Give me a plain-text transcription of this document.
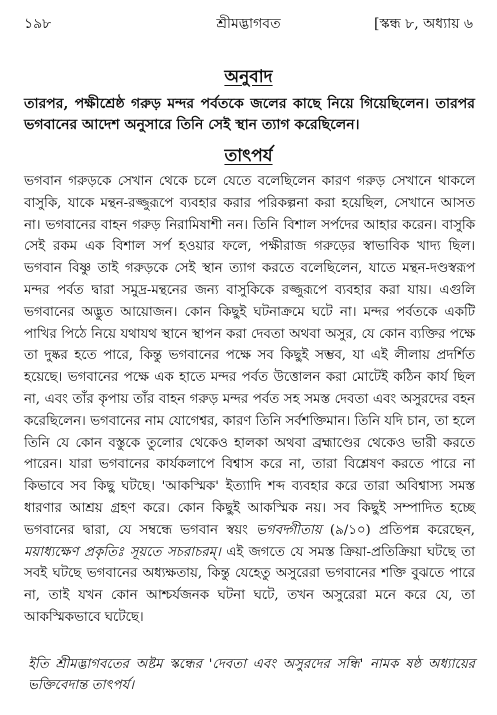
১৯৮	শ্রীমদ্ভাগবত	[স্কন্ধ ৮, অধ্যায় ৬
অনুবাদ
তারপর, পক্ষীশ্রেষ্ঠ গরুড় মন্দর পর্বতকে জলের কাছে নিয়ে গিয়েছিলেন। তারপর ভগবানের আদেশ অনুসারে তিনি সেই স্থান ত্যাগ করেছিলেন।
তাৎপর্য
ভগবান গরুড়কে সেখান থেকে চলে যেতে বলেছিলেন কারণ গরুড় সেখানে থাকলে বাসুকি, যাকে মন্থন-রজ্জুরূপে ব্যবহার করার পরিকল্পনা করা হয়েছিল, সেখানে আসত না। ভগবানের বাহন গরুড় নিরামিষাশী নন। তিনি বিশাল সর্পদের আহার করেন। বাসুকি সেই রকম এক বিশাল সর্প হওয়ার ফলে, পক্ষীরাজ গরুড়ের স্বাভাবিক খাদ্য ছিল। ভগবান বিষ্ণু তাই গরুড়কে সেই স্থান ত্যাগ করতে বলেছিলেন, যাতে মন্থন-দণ্ডস্বরূপ মন্দর পর্বত দ্বারা সমুদ্র-মন্থনের জন্য বাসুকিকে রজ্জুরূপে ব্যবহার করা যায়। এগুলি ভগবানের অদ্ভুত আয়োজন। কোন কিছুই ঘটনাক্রমে ঘটে না। মন্দর পর্বতকে একটি পাখির পিঠে নিয়ে যথাযথ স্থানে স্থাপন করা দেবতা অথবা অসুর, যে কোন ব্যক্তির পক্ষে তা দুষ্কর হতে পারে, কিন্তু ভগবানের পক্ষে সব কিছুই সম্ভব, যা এই লীলায় প্রদর্শিত হয়েছে। ভগবানের পক্ষে এক হাতে মন্দর পর্বত উত্তোলন করা মোটেই কঠিন কার্য ছিল না, এবং তাঁর কৃপায় তাঁর বাহন গরুড় মন্দর পর্বত সহ সমস্ত দেবতা এবং অসুরদের বহন করেছিলেন। ভগবানের নাম যোগেশ্বর, কারণ তিনি সর্বশক্তিমান। তিনি যদি চান, তা হলে তিনি যে কোন বস্তুকে তুলোর থেকেও হালকা অথবা ব্রহ্মাণ্ডের থেকেও ভারী করতে পারেন। যারা ভগবানের কার্যকলাপে বিশ্বাস করে না, তারা বিশ্লেষণ করতে পারে না কিভাবে সব কিছু ঘটছে। 'আকস্মিক' ইত্যাদি শব্দ ব্যবহার করে তারা অবিশ্বাস্য সমস্ত ধারণার আশ্রয় গ্রহণ করে। কোন কিছুই আকস্মিক নয়। সব কিছুই সম্পাদিত হচ্ছে ভগবানের দ্বারা, যে সম্বন্ধে ভগবান স্বয়ং ভগবদ্গীতায় (৯/১০) প্রতিপন্ন করেছেন, ময়াধ্যক্ষেণ প্রকৃতিঃ সূয়তে সচরাচরম্। এই জগতে যে সমস্ত ক্রিয়া-প্রতিক্রিয়া ঘটছে তা সবই ঘটছে ভগবানের অধ্যক্ষতায়, কিন্তু যেহেতু অসুরেরা ভগবানের শক্তি বুঝতে পারে না, তাই যখন কোন আশ্চর্যজনক ঘটনা ঘটে, তখন অসুরেরা মনে করে যে, তা আকস্মিকভাবে ঘটেছে।
ইতি শ্রীমদ্ভাগবতের অষ্টম স্কন্ধের 'দেবতা এবং অসুরদের সন্ধি' নামক ষষ্ঠ অধ্যায়ের ভক্তিবেদান্ত তাৎপর্য।
